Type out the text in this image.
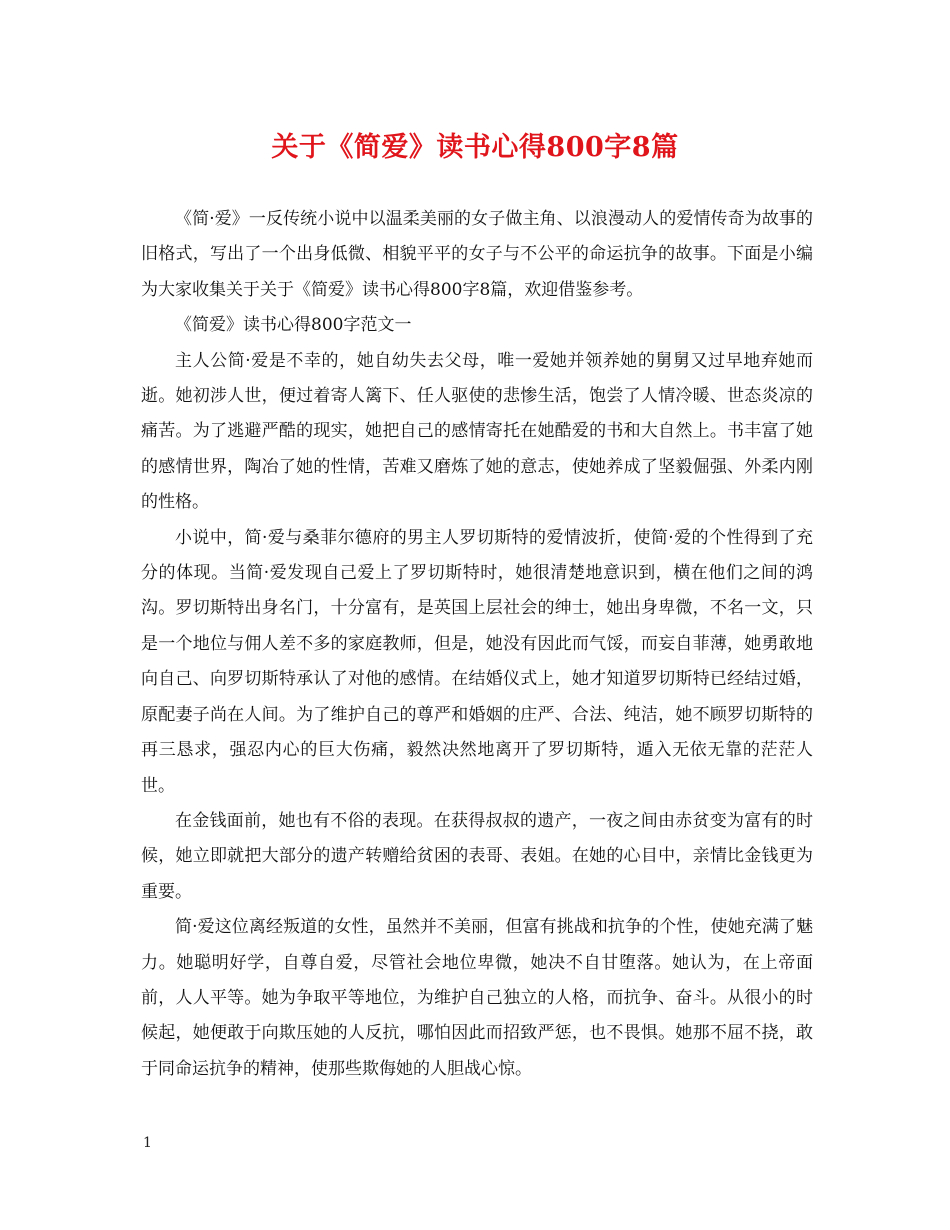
关于《简爱》读书心得800字8篇

《简·爱》一反传统小说中以温柔美丽的女子做主角、以浪漫动人的爱情传奇为故事的旧格式，写出了一个出身低微、相貌平平的女子与不公平的命运抗争的故事。下面是小编为大家收集关于关于《简爱》读书心得800字8篇，欢迎借鉴参考。

《简爱》读书心得800字范文一

主人公简·爱是不幸的，她自幼失去父母，唯一爱她并领养她的舅舅又过早地弃她而逝。她初涉人世，便过着寄人篱下、任人驱使的悲惨生活，饱尝了人情冷暖、世态炎凉的痛苦。为了逃避严酷的现实，她把自己的感情寄托在她酷爱的书和大自然上。书丰富了她的感情世界，陶冶了她的性情，苦难又磨炼了她的意志，使她养成了坚毅倔强、外柔内刚的性格。

小说中，简·爱与桑菲尔德府的男主人罗切斯特的爱情波折，使简·爱的个性得到了充分的体现。当简·爱发现自己爱上了罗切斯特时，她很清楚地意识到，横在他们之间的鸿沟。罗切斯特出身名门，十分富有，是英国上层社会的绅士，她出身卑微，不名一文，只是一个地位与佣人差不多的家庭教师，但是，她没有因此而气馁，而妄自菲薄，她勇敢地向自己、向罗切斯特承认了对他的感情。在结婚仪式上，她才知道罗切斯特已经结过婚，原配妻子尚在人间。为了维护自己的尊严和婚姻的庄严、合法、纯洁，她不顾罗切斯特的再三恳求，强忍内心的巨大伤痛，毅然决然地离开了罗切斯特，遁入无依无靠的茫茫人世。

在金钱面前，她也有不俗的表现。在获得叔叔的遗产，一夜之间由赤贫变为富有的时候，她立即就把大部分的遗产转赠给贫困的表哥、表姐。在她的心目中，亲情比金钱更为重要。

简·爱这位离经叛道的女性，虽然并不美丽，但富有挑战和抗争的个性，使她充满了魅力。她聪明好学，自尊自爱，尽管社会地位卑微，她决不自甘堕落。她认为，在上帝面前，人人平等。她为争取平等地位，为维护自己独立的人格，而抗争、奋斗。从很小的时候起，她便敢于向欺压她的人反抗，哪怕因此而招致严惩，也不畏惧。她那不屈不挠，敢于同命运抗争的精神，使那些欺侮她的人胆战心惊。

1
